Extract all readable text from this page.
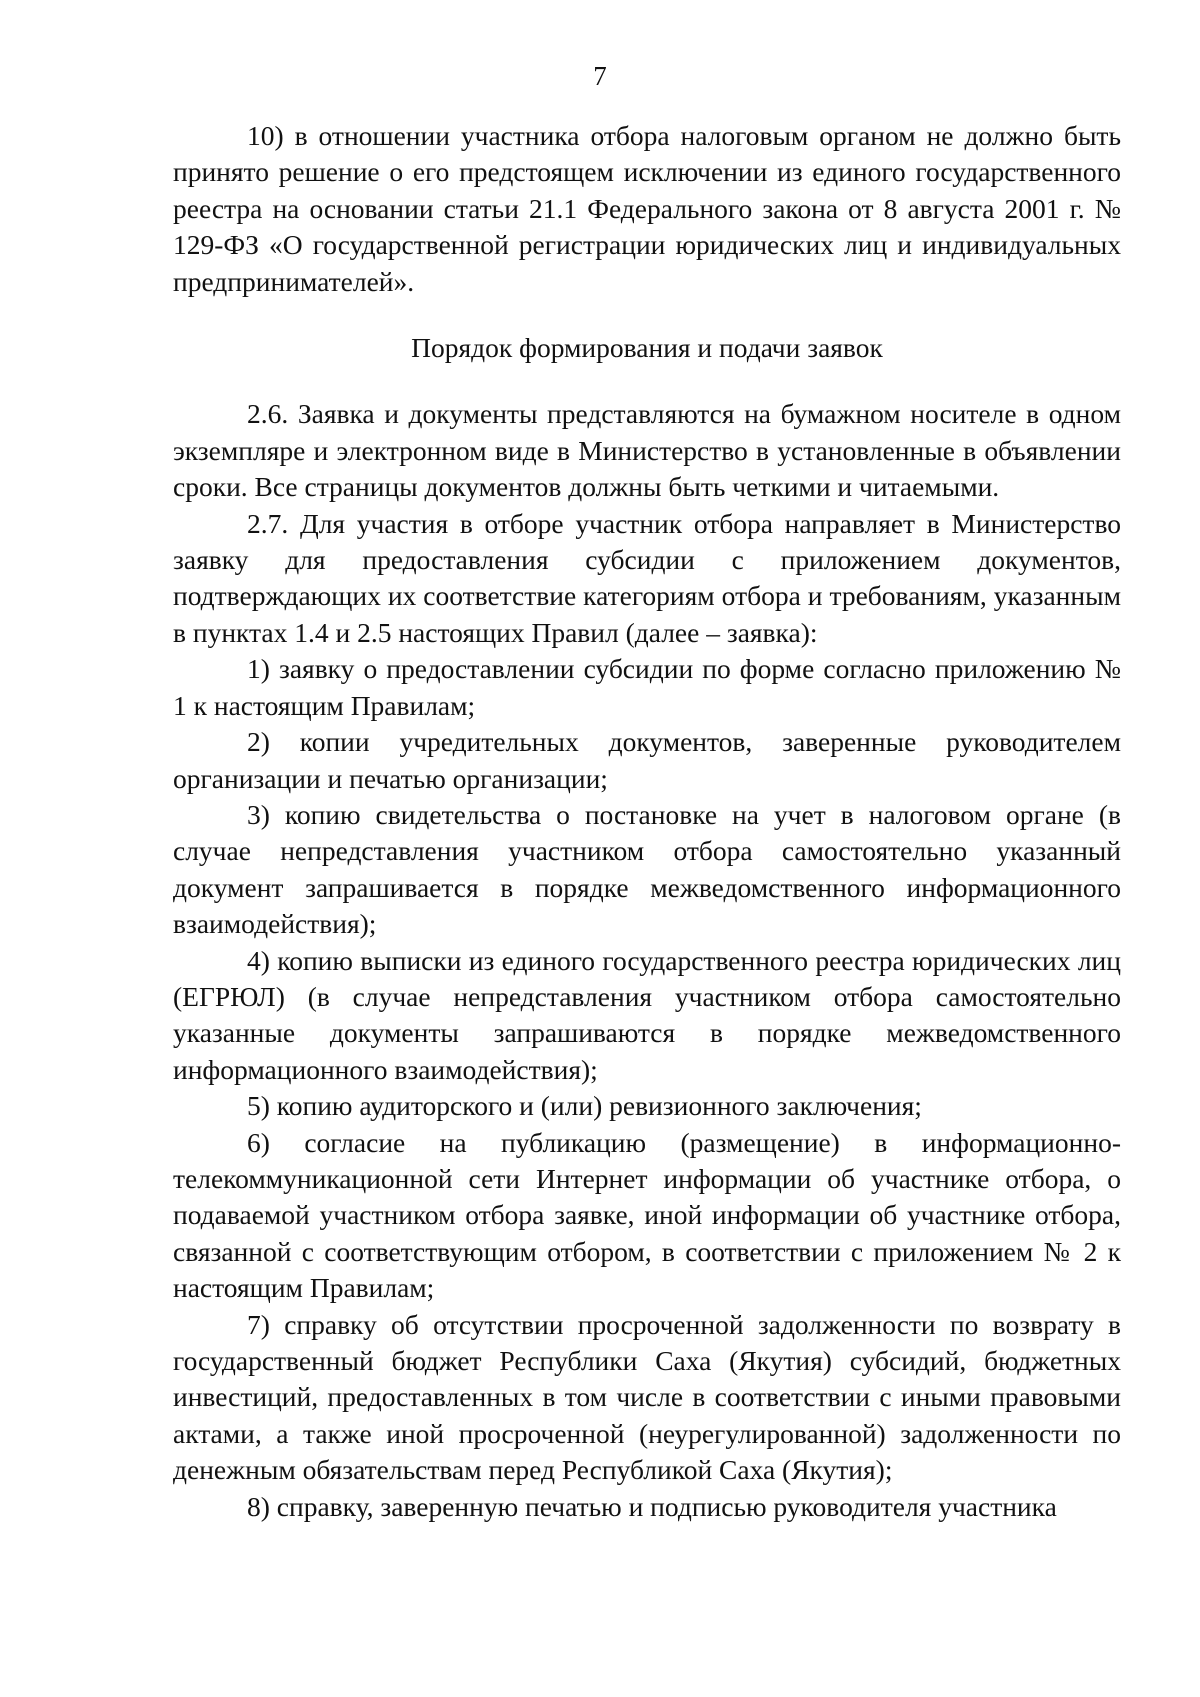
7

10) в отношении участника отбора налоговым органом не должно быть принято решение о его предстоящем исключении из единого государственного реестра на основании статьи 21.1 Федерального закона от 8 августа 2001 г. № 129-ФЗ «О государственной регистрации юридических лиц и индивидуальных предпринимателей».

Порядок формирования и подачи заявок

2.6. Заявка и документы представляются на бумажном носителе в одном экземпляре и электронном виде в Министерство в установленные в объявлении сроки. Все страницы документов должны быть четкими и читаемыми.

2.7. Для участия в отборе участник отбора направляет в Министерство заявку для предоставления субсидии с приложением документов, подтверждающих их соответствие категориям отбора и требованиям, указанным в пунктах 1.4 и 2.5 настоящих Правил (далее – заявка):

1) заявку о предоставлении субсидии по форме согласно приложению № 1 к настоящим Правилам;

2) копии учредительных документов, заверенные руководителем организации и печатью организации;

3) копию свидетельства о постановке на учет в налоговом органе (в случае непредставления участником отбора самостоятельно указанный документ запрашивается в порядке межведомственного информационного взаимодействия);

4) копию выписки из единого государственного реестра юридических лиц (ЕГРЮЛ) (в случае непредставления участником отбора самостоятельно указанные документы запрашиваются в порядке межведомственного информационного взаимодействия);

5) копию аудиторского и (или) ревизионного заключения;

6) согласие на публикацию (размещение) в информационно-телекоммуникационной сети Интернет информации об участнике отбора, о подаваемой участником отбора заявке, иной информации об участнике отбора, связанной с соответствующим отбором, в соответствии с приложением № 2 к настоящим Правилам;

7) справку об отсутствии просроченной задолженности по возврату в государственный бюджет Республики Саха (Якутия) субсидий, бюджетных инвестиций, предоставленных в том числе в соответствии с иными правовыми актами, а также иной просроченной (неурегулированной) задолженности по денежным обязательствам перед Республикой Саха (Якутия);

8) справку, заверенную печатью и подписью руководителя участника
